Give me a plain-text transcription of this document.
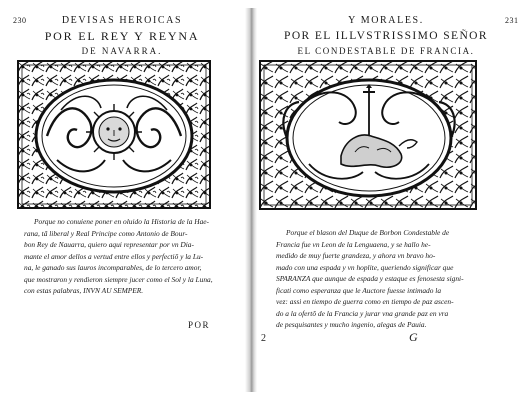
230	DEVISAS HEROICAS
POR EL REY Y REYNA
DE NAVARRA.
Porque no conuiene poner en oluido la Historia de la Hae-
rana, tã liberal y Real Principe como Antonio de Bour-
bon Rey de Nauarra, quiero aqui representar por vn Dia-
mante el amor dellos a vertud entre ellos y perfectiõ y la Lu-
na, le ganado sus lauros incomparables, de lo tercero amor,
que mostraron y rendieron siempre jucer como el Sol y la Luna,
con estas palabras, INVN AU SEMPER.
POR
231
Y MORALES.
POR EL ILLVSTRISSIMO SEÑOR
EL CONDESTABLE DE FRANCIA.
Porque el blason del Duque de Borbon Condestable de
Francia fue vn Leon de la Lenguaena, y se hallo he-
medido de muy fuerte grandeza, y ahora vn bravo ho-
mado con una espada y vn hoplite, queriendo significar que
SPARANZA que aunque de espada y estaque es fenosesta signi-
ficati como esperanza que le Auctore fuesse intimado la
vez: assi en tiempo de guerra como en tiempo de paz ascen-
do a la ofertõ de la Francia y jurar vna grande paz en vra
de pesquisantes y mucho ingenio, alegas de Pauia.
G
2
